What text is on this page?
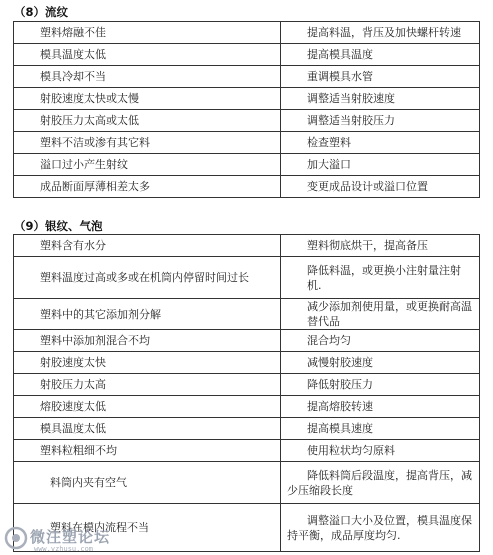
（8）流纹
塑料熔融不佳	提高料温，背压及加快螺杆转速
模具温度太低	提高模具温度
模具冷却不当	重调模具水管
射胶速度太快或太慢	调整适当射胶速度
射胶压力太高或太低	调整适当射胶压力
塑料不洁或渗有其它料	检查塑料
溢口过小产生射纹	加大溢口
成品断面厚薄相差太多	变更成品设计或溢口位置
（9）银纹、气泡
塑料含有水分	塑料彻底烘干，提高备压

塑料温度过高或多或在机筒内停留时间过长	降低料温，或更换小注射量注射机.
塑料中的其它添加剂分解	减少添加剂使用量，或更换耐高温替代品
塑料中添加剂混合不均	混合均匀
射胶速度太快	减慢射胶速度
射胶压力太高	降低射胶压力
熔胶速度太低	提高熔胶转速
模具温度太低	提高模具速度
塑料粒粗细不均	使用粒状均匀原料
料筒内夹有空气	降低料筒后段温度，提高背压，减少压缩段长度

塑料在模内流程不当	调整溢口大小及位置，模具温度保持平衡，成品厚度均匀.
微注塑论坛
www.vzhusu.com
